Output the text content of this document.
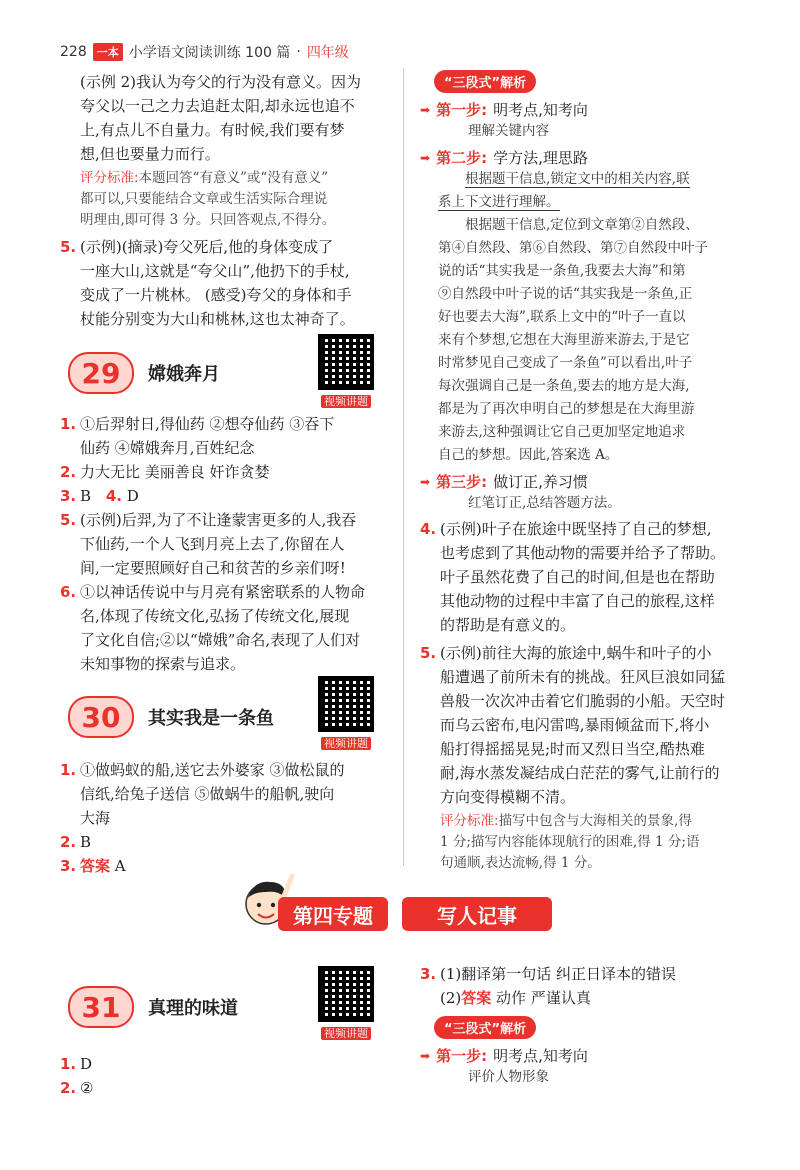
228 一本 小学语文阅读训练 100 篇 · 四年级

(示例 2)我认为夸父的行为没有意义。因为

夸父以一己之力去追赶太阳,却永远也追不

上,有点儿不自量力。有时候,我们要有梦

想,但也要量力而行。

评分标准:本题回答“有意义”或“没有意义”
都可以,只要能结合文章或生活实际合理说
明理由,即可得 3 分。只回答观点,不得分。
5. (示例)(摘录)夸父死后,他的身体变成了

一座大山,这就是“夸父山”,他扔下的手杖,

变成了一片桃林。 (感受)夸父的身体和手

杖能分别变为大山和桃林,这也太神奇了。

29 嫦娥奔月
视频讲题
1. ①后羿射日,得仙药 ②想夺仙药 ③吞下

仙药 ④嫦娥奔月,百姓纪念

2. 力大无比 美丽善良 奸诈贪婪

3. B 4. D
5. (示例)后羿,为了不让逢蒙害更多的人,我吞

下仙药,一个人飞到月亮上去了,你留在人

间,一定要照顾好自己和贫苦的乡亲们呀!

6. ①以神话传说中与月亮有紧密联系的人物命

名,体现了传统文化,弘扬了传统文化,展现

了文化自信;②以“嫦娥”命名,表现了人们对

未知事物的探索与追求。

30 其实我是一条鱼
视频讲题
1. ①做蚂蚁的船,送它去外婆家 ③做松鼠的

信纸,给兔子送信 ⑤做蜗牛的船帆,驶向

大海

2. B

3. 答案 A
“三段式”解析
➡ 第一步: 明考点,知考向
理解关键内容
➡ 第二步: 学方法,理思路
根据题干信息,锁定文中的相关内容,联
系上下文进行理解。
根据题干信息,定位到文章第②自然段、
第④自然段、第⑥自然段、第⑦自然段中叶子
说的话“其实我是一条鱼,我要去大海”和第
⑨自然段中叶子说的话“其实我是一条鱼,正
好也要去大海”,联系上文中的“叶子一直以
来有个梦想,它想在大海里游来游去,于是它
时常梦见自己变成了一条鱼”可以看出,叶子
每次强调自己是一条鱼,要去的地方是大海,
都是为了再次申明自己的梦想是在大海里游
来游去,这种强调让它自己更加坚定地追求
自己的梦想。因此,答案选 A。
➡ 第三步: 做订正,养习惯
红笔订正,总结答题方法。
4. (示例)叶子在旅途中既坚持了自己的梦想,

也考虑到了其他动物的需要并给予了帮助。

叶子虽然花费了自己的时间,但是也在帮助

其他动物的过程中丰富了自己的旅程,这样

的帮助是有意义的。

5. (示例)前往大海的旅途中,蜗牛和叶子的小

船遭遇了前所未有的挑战。狂风巨浪如同猛

兽般一次次冲击着它们脆弱的小船。天空时

而乌云密布,电闪雷鸣,暴雨倾盆而下,将小

船打得摇摇晃晃;时而又烈日当空,酷热难

耐,海水蒸发凝结成白茫茫的雾气,让前行的

方向变得模糊不清。

评分标准:描写中包含与大海相关的景象,得
1 分;描写内容能体现航行的困难,得 1 分;语
句通顺,表达流畅,得 1 分。
第四专题	写人记事
31 真理的味道
视频讲题
1. D

2. ②

3. (1)翻译第一句话 纠正日译本的错误

(2)答案 动作 严谨认真

“三段式”解析
➡ 第一步: 明考点,知考向
评价人物形象
